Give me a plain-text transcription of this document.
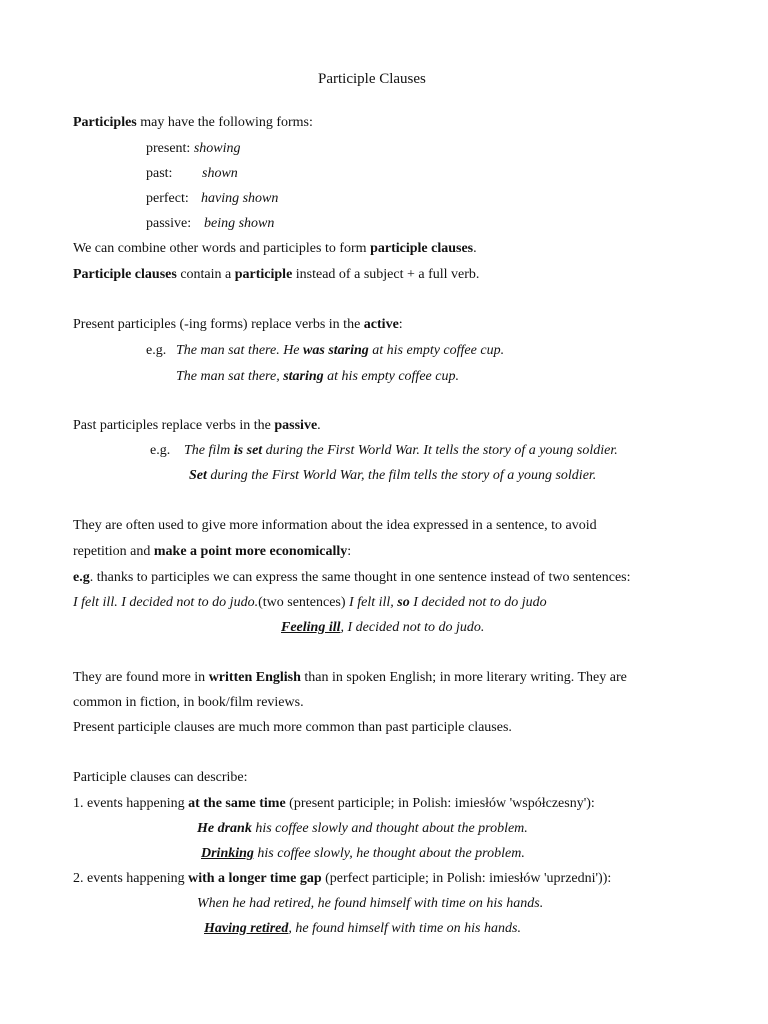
Participle Clauses
Participles may have the following forms:
present: showing
past: shown
perfect: having shown
passive: being shown
We can combine other words and participles to form participle clauses.
Participle clauses contain a participle instead of a subject + a full verb.
Present participles (-ing forms) replace verbs in the active:
e.g. The man sat there. He was staring at his empty coffee cup.
The man sat there, staring at his empty coffee cup.
Past participles replace verbs in the passive.
e.g. The film is set during the First World War. It tells the story of a young soldier.
Set during the First World War, the film tells the story of a young soldier.
They are often used to give more information about the idea expressed in a sentence, to avoid
repetition and make a point more economically:
e.g. thanks to participles we can express the same thought in one sentence instead of two sentences:
I felt ill. I decided not to do judo.(two sentences) I felt ill, so I decided not to do judo
Feeling ill, I decided not to do judo.
They are found more in written English than in spoken English; in more literary writing. They are
common in fiction, in book/film reviews.
Present participle clauses are much more common than past participle clauses.
Participle clauses can describe:
1. events happening at the same time (present participle; in Polish: imiesłów 'współczesny'):
He drank his coffee slowly and thought about the problem.
Drinking his coffee slowly, he thought about the problem.
2. events happening with a longer time gap (perfect participle; in Polish: imiesłów 'uprzedni')):
When he had retired, he found himself with time on his hands.
Having retired, he found himself with time on his hands.
